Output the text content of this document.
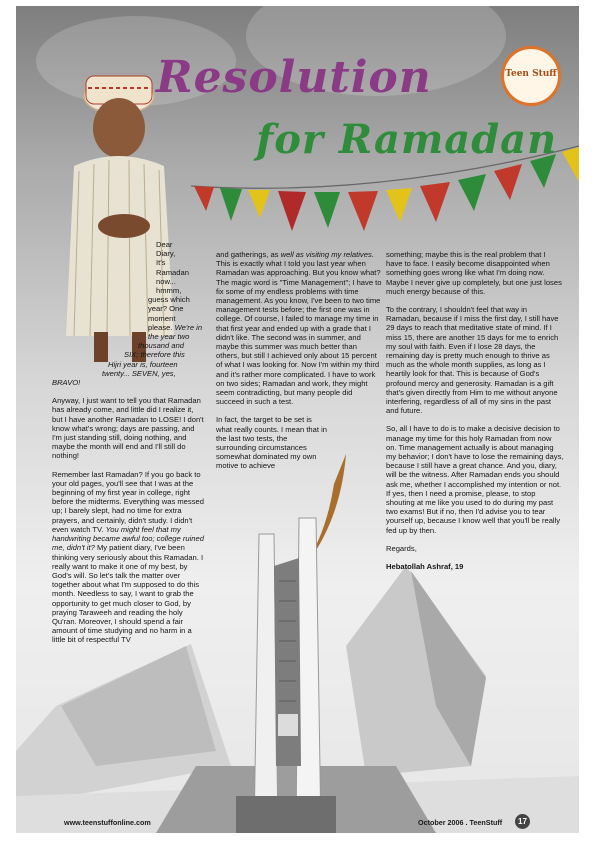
Resolution
for Ramadan
Teen Stuff
Dear
Diary,
It's
Ramadan
now...
hmmm,
guess which
year? One
moment
please. We're in
the year two
thousand and
SIX; therefore this
Hijri year is, fourteen
twenty... SEVEN, yes,
BRAVO!

Anyway, I just want to tell you that Ramadan has already come, and little did I realize it, but I have another Ramadan to LOSE! I don't know what's wrong; days are passing, and I'm just standing still, doing nothing, and maybe the month will end and I'll still do nothing!

Remember last Ramadan? If you go back to your old pages, you'll see that I was at the beginning of my first year in college, right before the midterms. Everything was messed up; I barely slept, had no time for extra prayers, and certainly, didn't study. I didn't even watch TV. You might feel that my handwriting became awful too; college ruined me, didn't it? My patient diary, I've been thinking very seriously about this Ramadan. I really want to make it one of my best, by God's will. So let's talk the matter over together about what I'm supposed to do this month. Needless to say, I want to grab the opportunity to get much closer to God, by praying Taraweeh and reading the holy Qu'ran. Moreover, I should spend a fair amount of time studying and no harm in a little bit of respectful TV

and gatherings, as well as visiting my relatives. This is exactly what I told you last year when Ramadan was approaching. But you know what? The magic word is "Time Management"; I have to fix some of my endless problems with time management. As you know, I've been to two time management tests before; the first one was in college. Of course, I failed to manage my time in that first year and ended up with a grade that I didn't like. The second was in summer, and maybe this summer was much better than others, but still I achieved only about 15 percent of what I was looking for. Now I'm within my third and it's rather more complicated. I have to work on two sides; Ramadan and work, they might seem contradicting, but many people did succeed in such a test.

In fact, the target to be set is what really counts. I mean that in the last two tests, the surrounding circumstances somewhat dominated my own motive to achieve

something; maybe this is the real problem that I have to face. I easily become disappointed when something goes wrong like what I'm doing now. Maybe I never give up completely, but one just loses much energy because of this.

To the contrary, I shouldn't feel that way in Ramadan, because if I miss the first day, I still have 29 days to reach that meditative state of mind. If I miss 15, there are another 15 days for me to enrich my soul with faith. Even if I lose 28 days, the remaining day is pretty much enough to thrive as much as the whole month supplies, as long as I heartily look for that. This is because of God's profound mercy and generosity. Ramadan is a gift that's given directly from Him to me without anyone interfering, regardless of all of my sins in the past and future.

So, all I have to do is to make a decisive decision to manage my time for this holy Ramadan from now on. Time management actually is about managing my behavior; I don't have to lose the remaining days, because I still have a great chance. And you, diary, will be the witness. After Ramadan ends you should ask me, whether I accomplished my intention or not. If yes, then I need a promise, please, to stop shouting at me like you used to do during my past two exams! But if no, then I'd advise you to tear yourself up, because I know well that you'll be really fed up by then.

Regards,

Hebatollah Ashraf, 19

www.teenstuffonline.com	October 2006 . TeenStuff	17
